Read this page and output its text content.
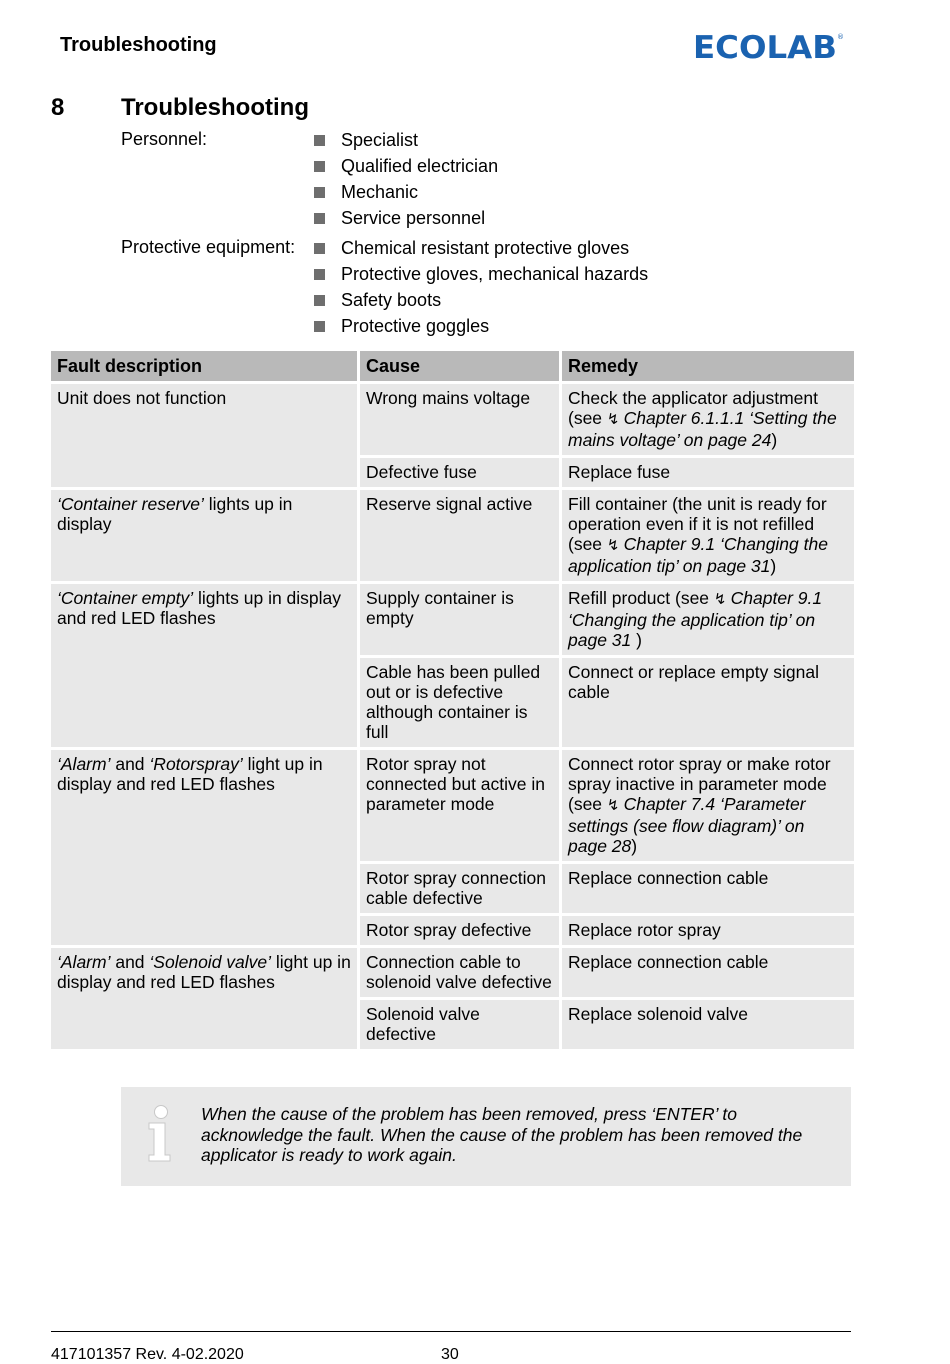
Troubleshooting	ECOLAB ®
8 Troubleshooting
Personnel:	Specialist
Qualified electrician
Mechanic
Service personnel
Protective equipment:	Chemical resistant protective gloves
Protective gloves, mechanical hazards
Safety boots
Protective goggles
Fault description	Cause	Remedy
Unit does not function	Wrong mains voltage	Check the applicator adjustment (see ↯ Chapter 6.1.1.1 ‘Setting the mains voltage’ on page 24)
	Defective fuse	Replace fuse
‘Container reserve’ lights up in display	Reserve signal active	Fill container (the unit is ready for operation even if it is not refilled (see ↯ Chapter 9.1 ‘Changing the application tip’ on page 31)
‘Container empty’ lights up in display and red LED flashes	Supply container is empty	Refill product (see ↯ Chapter 9.1 ‘Changing the application tip’ on page 31 )
	Cable has been pulled out or is defective although container is full	Connect or replace empty signal cable
‘Alarm’ and ‘Rotorspray’ light up in display and red LED flashes	Rotor spray not connected but active in parameter mode	Connect rotor spray or make rotor spray inactive in parameter mode (see ↯ Chapter 7.4 ‘Parameter settings (see flow diagram)’ on page 28)
	Rotor spray connection cable defective	Replace connection cable
	Rotor spray defective	Replace rotor spray
‘Alarm’ and ‘Solenoid valve’ light up in display and red LED flashes	Connection cable to solenoid valve defective	Replace connection cable
	Solenoid valve defective	Replace solenoid valve
When the cause of the problem has been removed, press ‘ENTER’ to acknowledge the fault. When the cause of the problem has been removed the applicator is ready to work again.
417101357 Rev. 4-02.2020	30
